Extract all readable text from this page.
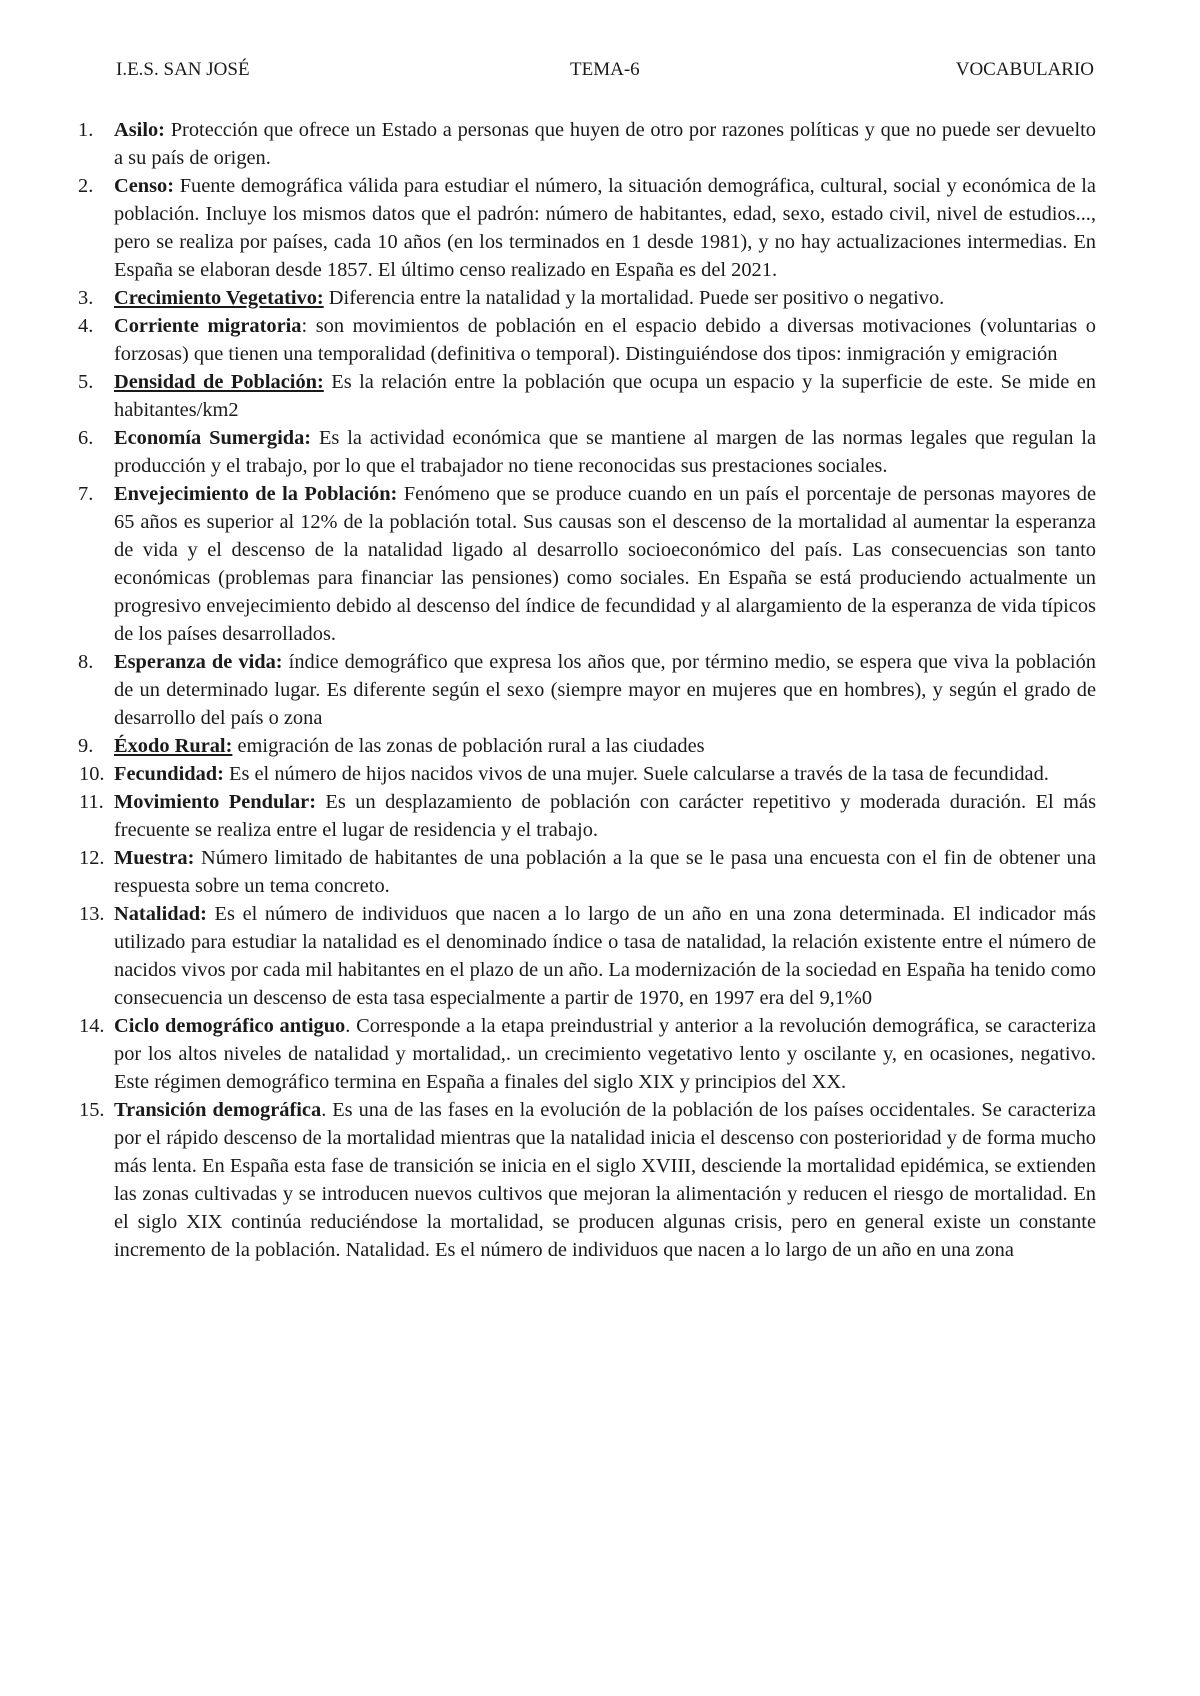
I.E.S. SAN JOSÉ	TEMA-6	VOCABULARIO
1.	Asilo: Protección que ofrece un Estado a personas que huyen de otro por razones políticas y que no puede ser devuelto a su país de origen.
2.	Censo: Fuente demográfica válida para estudiar el número, la situación demográfica, cultural, social y económica de la población. Incluye los mismos datos que el padrón: número de habitantes, edad, sexo, estado civil, nivel de estudios..., pero se realiza por países, cada 10 años (en los terminados en 1 desde 1981), y no hay actualizaciones intermedias. En España se elaboran desde 1857. El último censo realizado en España es del 2021.
3.	Crecimiento Vegetativo: Diferencia entre la natalidad y la mortalidad. Puede ser positivo o negativo.
4.	Corriente migratoria: son movimientos de población en el espacio debido a diversas motivaciones (voluntarias o forzosas) que tienen una temporalidad (definitiva o temporal). Distinguiéndose dos tipos: inmigración y emigración
5.	Densidad de Población: Es la relación entre la población que ocupa un espacio y la superficie de este. Se mide en habitantes/km2
6.	Economía Sumergida: Es la actividad económica que se mantiene al margen de las normas legales que regulan la producción y el trabajo, por lo que el trabajador no tiene reconocidas sus prestaciones sociales.
7.	Envejecimiento de la Población: Fenómeno que se produce cuando en un país el porcentaje de personas mayores de 65 años es superior al 12% de la población total. Sus causas son el descenso de la mortalidad al aumentar la esperanza de vida y el descenso de la natalidad ligado al desarrollo socioeconómico del país. Las consecuencias son tanto económicas (problemas para financiar las pensiones) como sociales. En España se está produciendo actualmente un progresivo envejecimiento debido al descenso del índice de fecundidad y al alargamiento de la esperanza de vida típicos de los países desarrollados.
8.	Esperanza de vida: índice demográfico que expresa los años que, por término medio, se espera que viva la población de un determinado lugar. Es diferente según el sexo (siempre mayor en mujeres que en hombres), y según el grado de desarrollo del país o zona
9.	Éxodo Rural: emigración de las zonas de población rural a las ciudades
10. Fecundidad: Es el número de hijos nacidos vivos de una mujer. Suele calcularse a través de la tasa de fecundidad.
11. Movimiento Pendular: Es un desplazamiento de población con carácter repetitivo y moderada duración. El más frecuente se realiza entre el lugar de residencia y el trabajo.
12. Muestra: Número limitado de habitantes de una población a la que se le pasa una encuesta con el fin de obtener una respuesta sobre un tema concreto.
13. Natalidad: Es el número de individuos que nacen a lo largo de un año en una zona determinada. El indicador más utilizado para estudiar la natalidad es el denominado índice o tasa de natalidad, la relación existente entre el número de nacidos vivos por cada mil habitantes en el plazo de un año. La modernización de la sociedad en España ha tenido como consecuencia un descenso de esta tasa especialmente a partir de 1970, en 1997 era del 9,1%0
14. Ciclo demográfico antiguo. Corresponde a la etapa preindustrial y anterior a la revolución demográfica, se caracteriza por los altos niveles de natalidad y mortalidad,. un crecimiento vegetativo lento y oscilante y, en ocasiones, negativo. Este régimen demográfico termina en España a finales del siglo XIX y principios del XX.
15. Transición demográfica. Es una de las fases en la evolución de la población de los países occidentales. Se caracteriza por el rápido descenso de la mortalidad mientras que la natalidad inicia el descenso con posterioridad y de forma mucho más lenta. En España esta fase de transición se inicia en el siglo XVIII, desciende la mortalidad epidémica, se extienden las zonas cultivadas y se introducen nuevos cultivos que mejoran la alimentación y reducen el riesgo de mortalidad. En el siglo XIX continúa reduciéndose la mortalidad, se producen algunas crisis, pero en general existe un constante incremento de la población. Natalidad. Es el número de individuos que nacen a lo largo de un año en una zona
